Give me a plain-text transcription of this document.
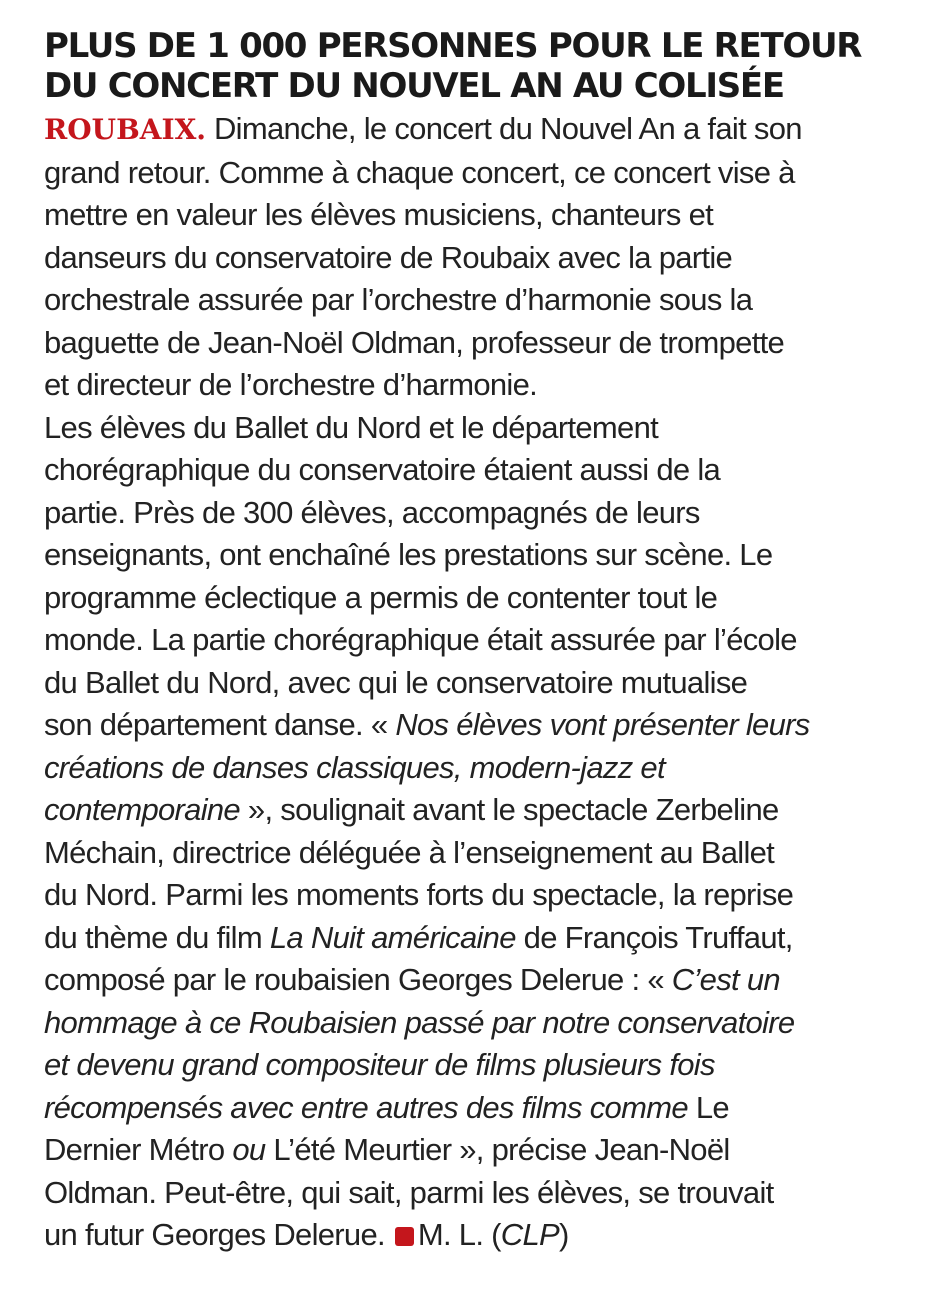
PLUS DE 1 000 PERSONNES POUR LE RETOUR
DU CONCERT DU NOUVEL AN AU COLISÉE

ROUBAIX. Dimanche, le concert du Nouvel An a fait son
grand retour. Comme à chaque concert, ce concert vise à
mettre en valeur les élèves musiciens, chanteurs et
danseurs du conservatoire de Roubaix avec la partie
orchestrale assurée par l’orchestre d’harmonie sous la
baguette de Jean-Noël Oldman, professeur de trompette
et directeur de l’orchestre d’harmonie.
Les élèves du Ballet du Nord et le département
chorégraphique du conservatoire étaient aussi de la
partie. Près de 300 élèves, accompagnés de leurs
enseignants, ont enchaîné les prestations sur scène. Le
programme éclectique a permis de contenter tout le
monde. La partie chorégraphique était assurée par l’école
du Ballet du Nord, avec qui le conservatoire mutualise
son département danse. « Nos élèves vont présenter leurs
créations de danses classiques, modern-jazz et
contemporaine », soulignait avant le spectacle Zerbeline
Méchain, directrice déléguée à l’enseignement au Ballet
du Nord. Parmi les moments forts du spectacle, la reprise
du thème du film La Nuit américaine de François Truffaut,
composé par le roubaisien Georges Delerue : « C’est un
hommage à ce Roubaisien passé par notre conservatoire
et devenu grand compositeur de films plusieurs fois
récompensés avec entre autres des films comme Le
Dernier Métro ou L’été Meurtier », précise Jean-Noël
Oldman. Peut-être, qui sait, parmi les élèves, se trouvait
un futur Georges Delerue. M. L. (CLP)
